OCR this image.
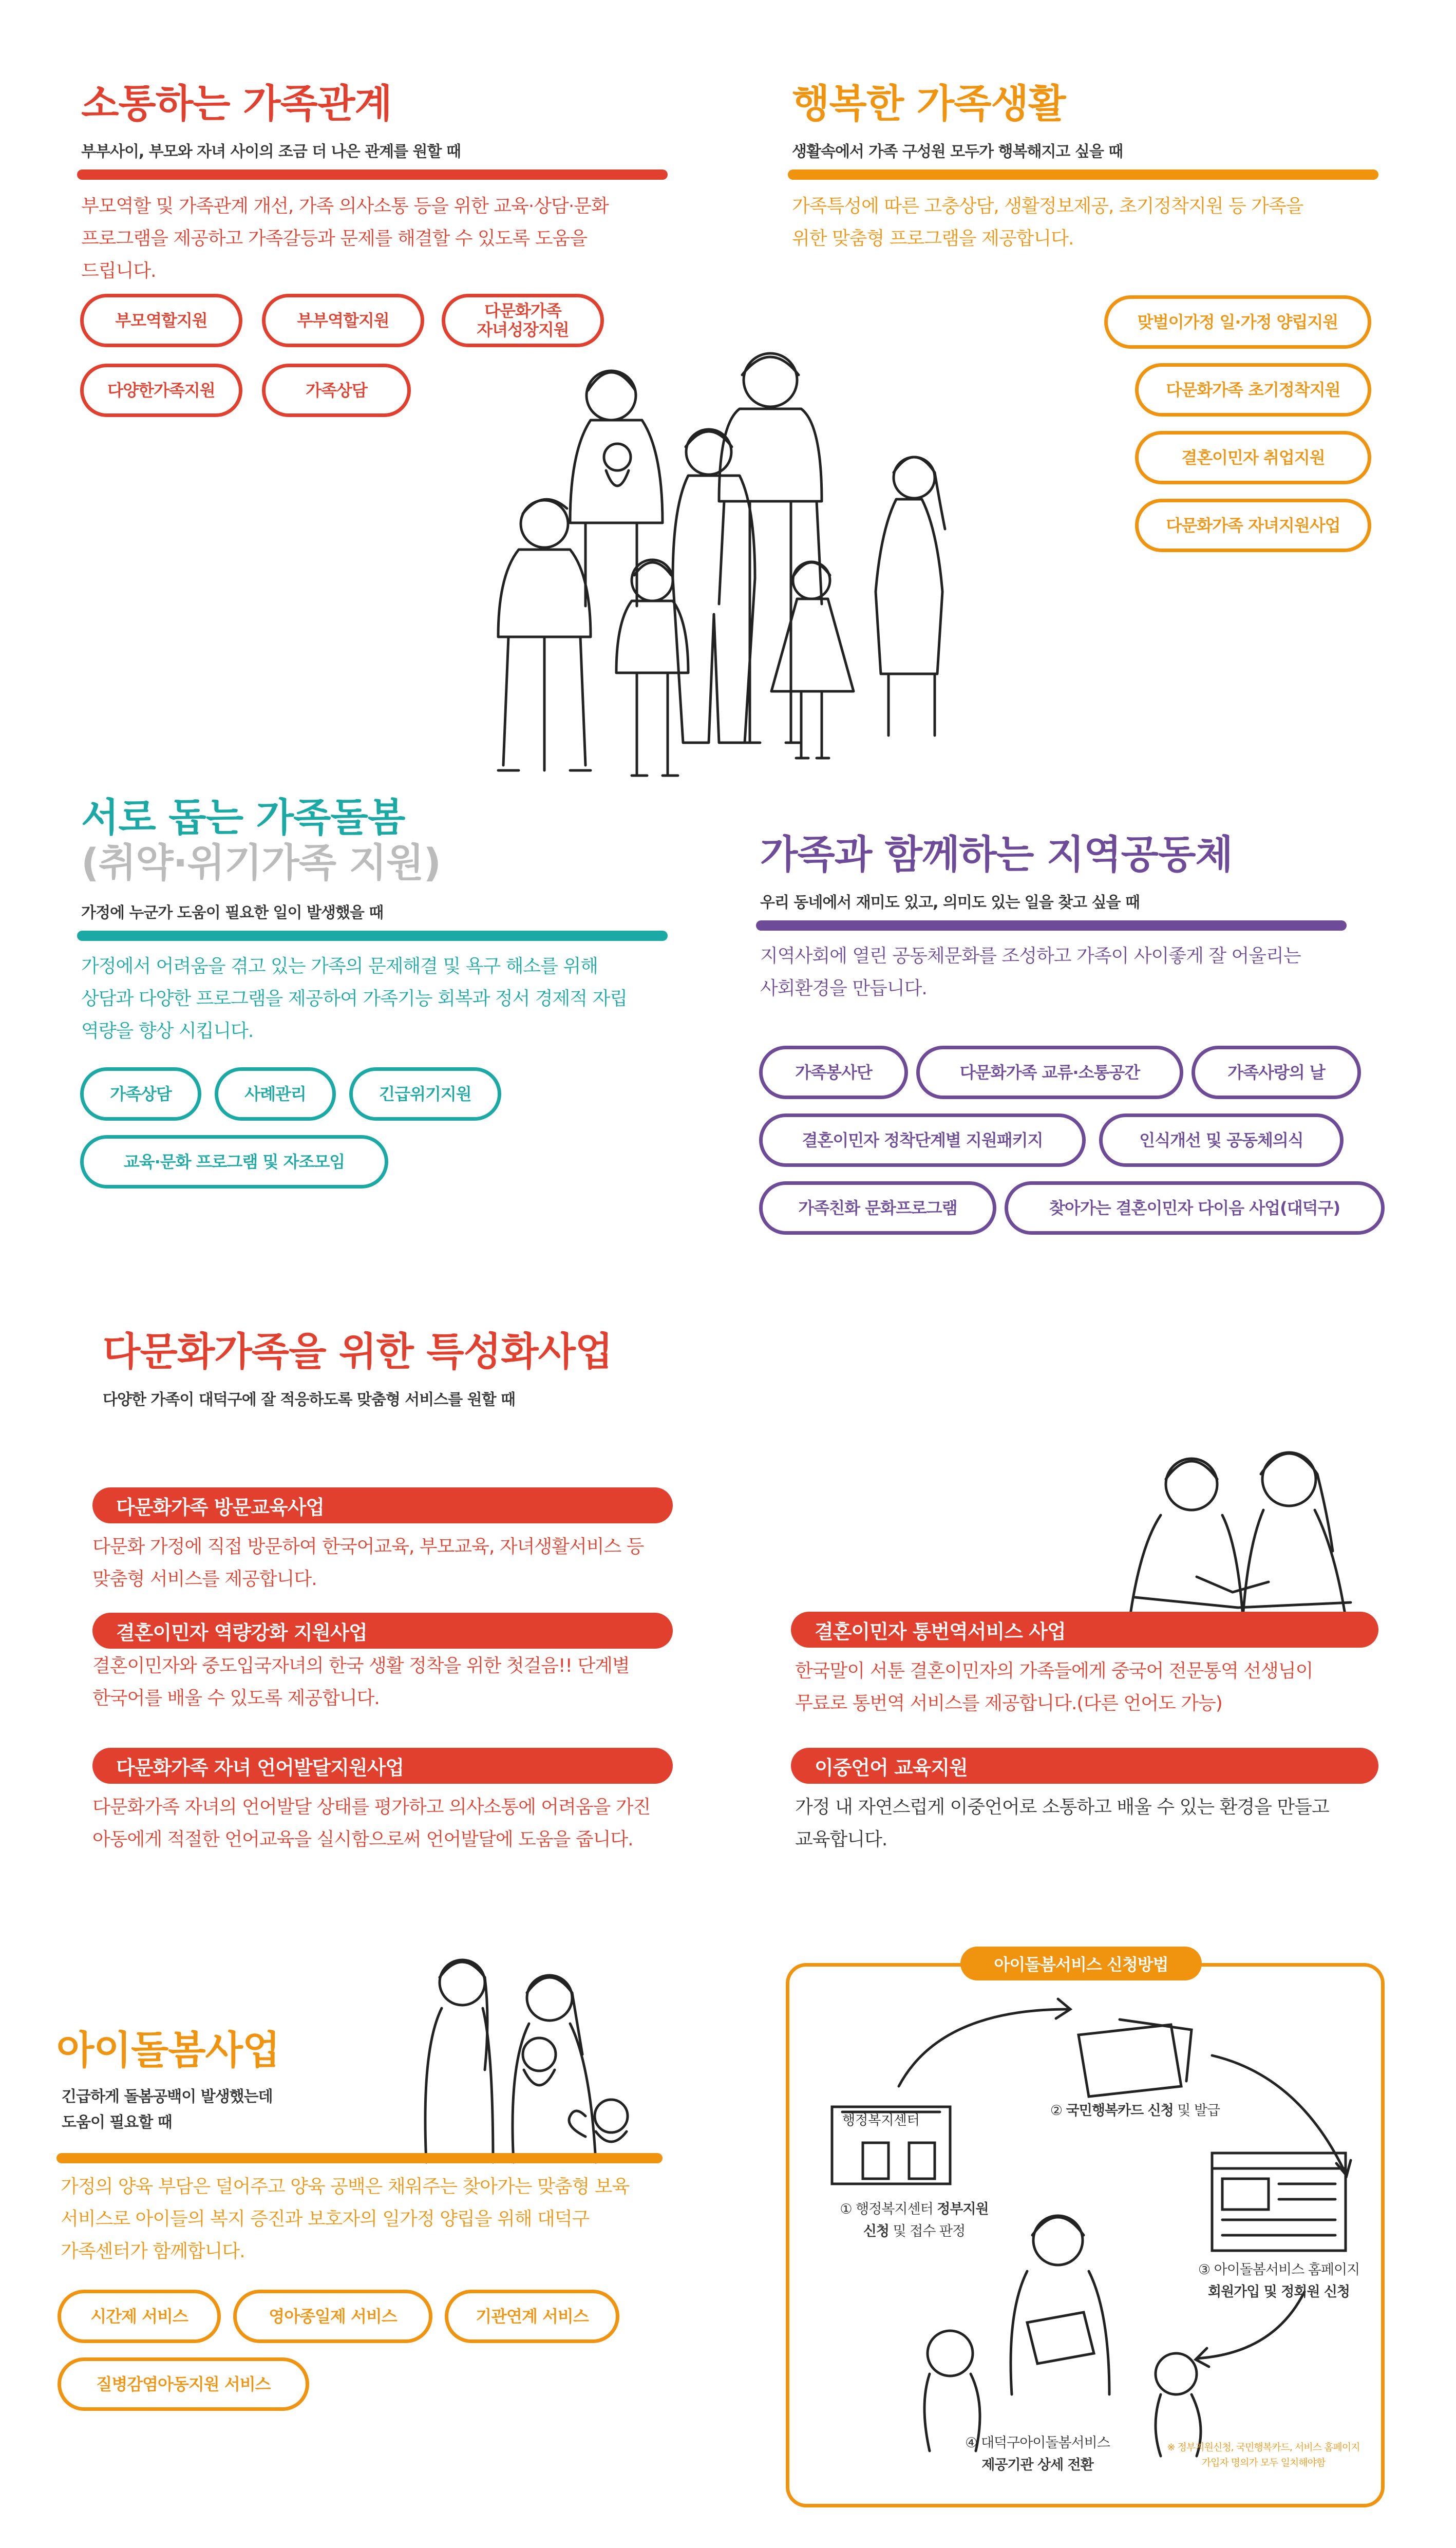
소통하는 가족관계
부부사이, 부모와 자녀 사이의 조금 더 나은 관계를 원할 때
부모역할 및 가족관계 개선, 가족 의사소통 등을 위한 교육·상담·문화
프로그램을 제공하고 가족갈등과 문제를 해결할 수 있도록 도움을
드립니다.
부모역할지원	부부역할지원	다문화가족
자녀성장지원
다양한가족지원	가족상담
행복한 가족생활
생활속에서 가족 구성원 모두가 행복해지고 싶을 때
가족특성에 따른 고충상담, 생활정보제공, 초기정착지원 등 가족을
위한 맞춤형 프로그램을 제공합니다.
맞벌이가정 일·가정 양립지원
다문화가족 초기정착지원
결혼이민자 취업지원
다문화가족 자녀지원사업
서로 돕는 가족돌봄
(취약·위기가족 지원)
가정에 누군가 도움이 필요한 일이 발생했을 때
가정에서 어려움을 겪고 있는 가족의 문제해결 및 욕구 해소를 위해
상담과 다양한 프로그램을 제공하여 가족기능 회복과 정서 경제적 자립
역량을 향상 시킵니다.
가족상담	사례관리	긴급위기지원
교육·문화 프로그램 및 자조모임
가족과 함께하는 지역공동체
우리 동네에서 재미도 있고, 의미도 있는 일을 찾고 싶을 때
지역사회에 열린 공동체문화를 조성하고 가족이 사이좋게 잘 어울리는
사회환경을 만듭니다.
가족봉사단	다문화가족 교류·소통공간	가족사랑의 날
결혼이민자 정착단계별 지원패키지	인식개선 및 공동체의식
가족친화 문화프로그램	찾아가는 결혼이민자 다이음 사업(대덕구)
다문화가족을 위한 특성화사업
다양한 가족이 대덕구에 잘 적응하도록 맞춤형 서비스를 원할 때
다문화가족 방문교육사업
다문화 가정에 직접 방문하여 한국어교육, 부모교육, 자녀생활서비스 등
맞춤형 서비스를 제공합니다.
결혼이민자 역량강화 지원사업
결혼이민자와 중도입국자녀의 한국 생활 정착을 위한 첫걸음!! 단계별
한국어를 배울 수 있도록 제공합니다.
다문화가족 자녀 언어발달지원사업
다문화가족 자녀의 언어발달 상태를 평가하고 의사소통에 어려움을 가진
아동에게 적절한 언어교육을 실시함으로써 언어발달에 도움을 줍니다.
결혼이민자 통번역서비스 사업
한국말이 서툰 결혼이민자의 가족들에게 중국어 전문통역 선생님이
무료로 통번역 서비스를 제공합니다.(다른 언어도 가능)
이중언어 교육지원
가정 내 자연스럽게 이중언어로 소통하고 배울 수 있는 환경을 만들고
교육합니다.
아이돌봄사업
긴급하게 돌봄공백이 발생했는데
도움이 필요할 때
가정의 양육 부담은 덜어주고 양육 공백은 채워주는 찾아가는 맞춤형 보육
서비스로 아이들의 복지 증진과 보호자의 일가정 양립을 위해 대덕구
가족센터가 함께합니다.
시간제 서비스	영아종일제 서비스	기관연계 서비스
질병감염아동지원 서비스
아이돌봄서비스 신청방법
행정복지센터
① 행정복지센터 정부지원
신청 및 접수 판정
② 국민행복카드 신청 및 발급
③ 아이돌봄서비스 홈페이지
회원가입 및 정회원 신청
④ 대덕구아이돌봄서비스
제공기관 상세 전환
※ 정부지원신청, 국민행복카드, 서비스 홈페이지
가입자 명의가 모두 일치해야함
